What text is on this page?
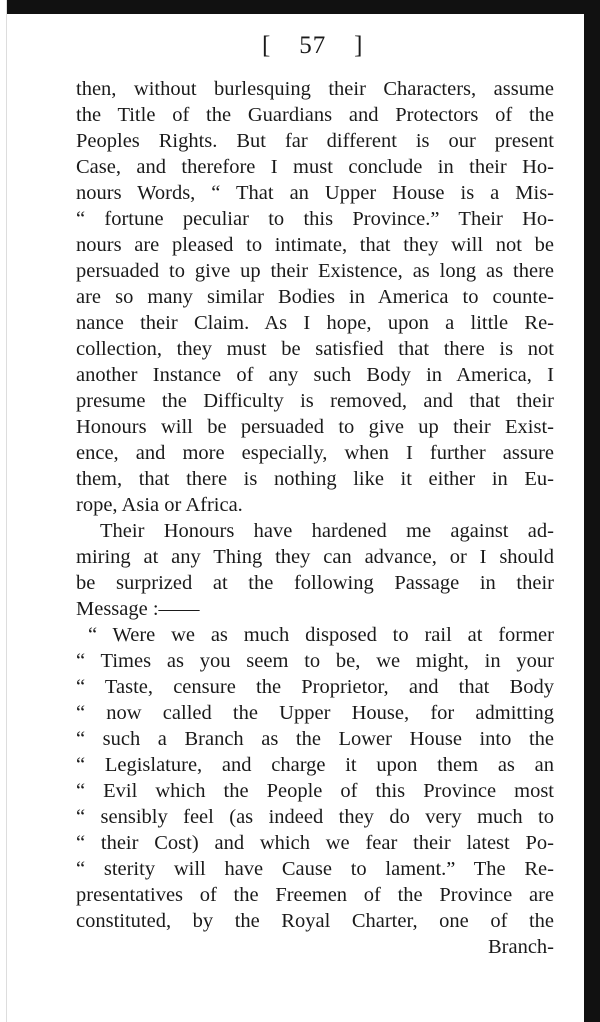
[ 57 ]
then, without burlesquing their Characters, assume
the Title of the Guardians and Protectors of the
Peoples Rights. But far different is our present
Case, and therefore I must conclude in their Ho-
nours Words, “ That an Upper House is a Mis-
“ fortune peculiar to this Province.” Their Ho-
nours are pleased to intimate, that they will not be
persuaded to give up their Existence, as long as there
are so many similar Bodies in America to counte-
nance their Claim. As I hope, upon a little Re-
collection, they must be satisfied that there is not
another Instance of any such Body in America, I
presume the Difficulty is removed, and that their
Honours will be persuaded to give up their Exist-
ence, and more especially, when I further assure
them, that there is nothing like it either in Eu-
rope, Asia or Africa.
Their Honours have hardened me against ad-
miring at any Thing they can advance, or I should
be surprized at the following Passage in their
Message :——
“ Were we as much disposed to rail at former
“ Times as you seem to be, we might, in your
“ Taste, censure the Proprietor, and that Body
“ now called the Upper House, for admitting
“ such a Branch as the Lower House into the
“ Legislature, and charge it upon them as an
“ Evil which the People of this Province most
“ sensibly feel (as indeed they do very much to
“ their Cost) and which we fear their latest Po-
“ sterity will have Cause to lament.” The Re-
presentatives of the Freemen of the Province are
constituted, by the Royal Charter, one of the
Branch-
